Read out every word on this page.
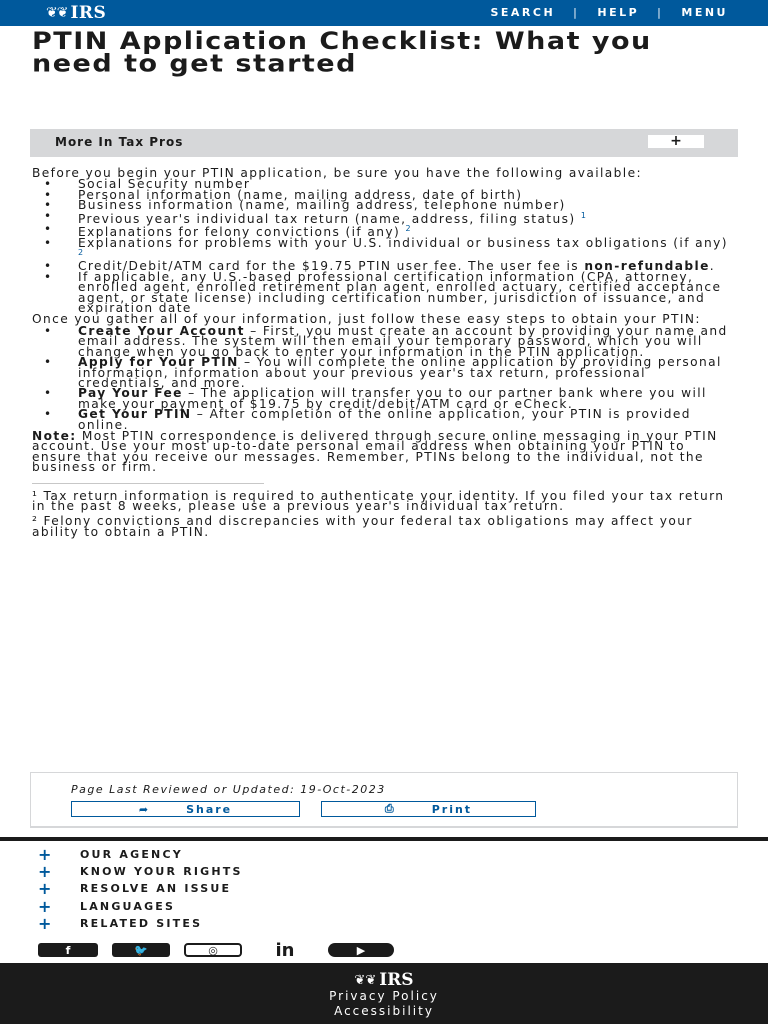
❦❦ IRS	SEARCH | HELP | MENU
PTIN Application Checklist: What you need to get started
More In Tax Pros	+

Before you begin your PTIN application, be sure you have the following available:

• Social Security number
• Personal information (name, mailing address, date of birth)
• Business information (name, mailing address, telephone number)
• Previous year's individual tax return (name, address, filing status) $^1$
• Explanations for felony convictions (if any) $^2$
• Explanations for problems with your U.S. individual or business tax obligations (if any) $^2$
• Credit/Debit/ATM card for the $19.75 PTIN user fee. The user fee is non-refundable.
• If applicable, any U.S.-based professional certification information (CPA, attorney, enrolled agent, enrolled retirement plan agent, enrolled actuary, certified acceptance agent, or state license) including certification number, jurisdiction of issuance, and expiration date

Once you gather all of your information, just follow these easy steps to obtain your PTIN:

• Create Your Account – First, you must create an account by providing your name and email address. The system will then email your temporary password, which you will change when you go back to enter your information in the PTIN application.
• Apply for Your PTIN – You will complete the online application by providing personal information, information about your previous year's tax return, professional credentials, and more.
• Pay Your Fee – The application will transfer you to our partner bank where you will make your payment of $19.75 by credit/debit/ATM card or eCheck.
• Get Your PTIN – After completion of the online application, your PTIN is provided online.

Note: Most PTIN correspondence is delivered through secure online messaging in your PTIN account. Use your most up-to-date personal email address when obtaining your PTIN to ensure that you receive our messages. Remember, PTINs belong to the individual, not the business or firm.

¹ Tax return information is required to authenticate your identity. If you filed your tax return in the past 8 weeks, please use a previous year's individual tax return.

² Felony convictions and discrepancies with your federal tax obligations may affect your ability to obtain a PTIN.

Page Last Reviewed or Updated: 19-Oct-2023
➦	Share	⎙	Print
+	OUR AGENCY
+	KNOW YOUR RIGHTS
+	RESOLVE AN ISSUE
+	LANGUAGES
+	RELATED SITES
f	🐦	◎	in	▶
❦❦ IRS
Privacy Policy
Accessibility
